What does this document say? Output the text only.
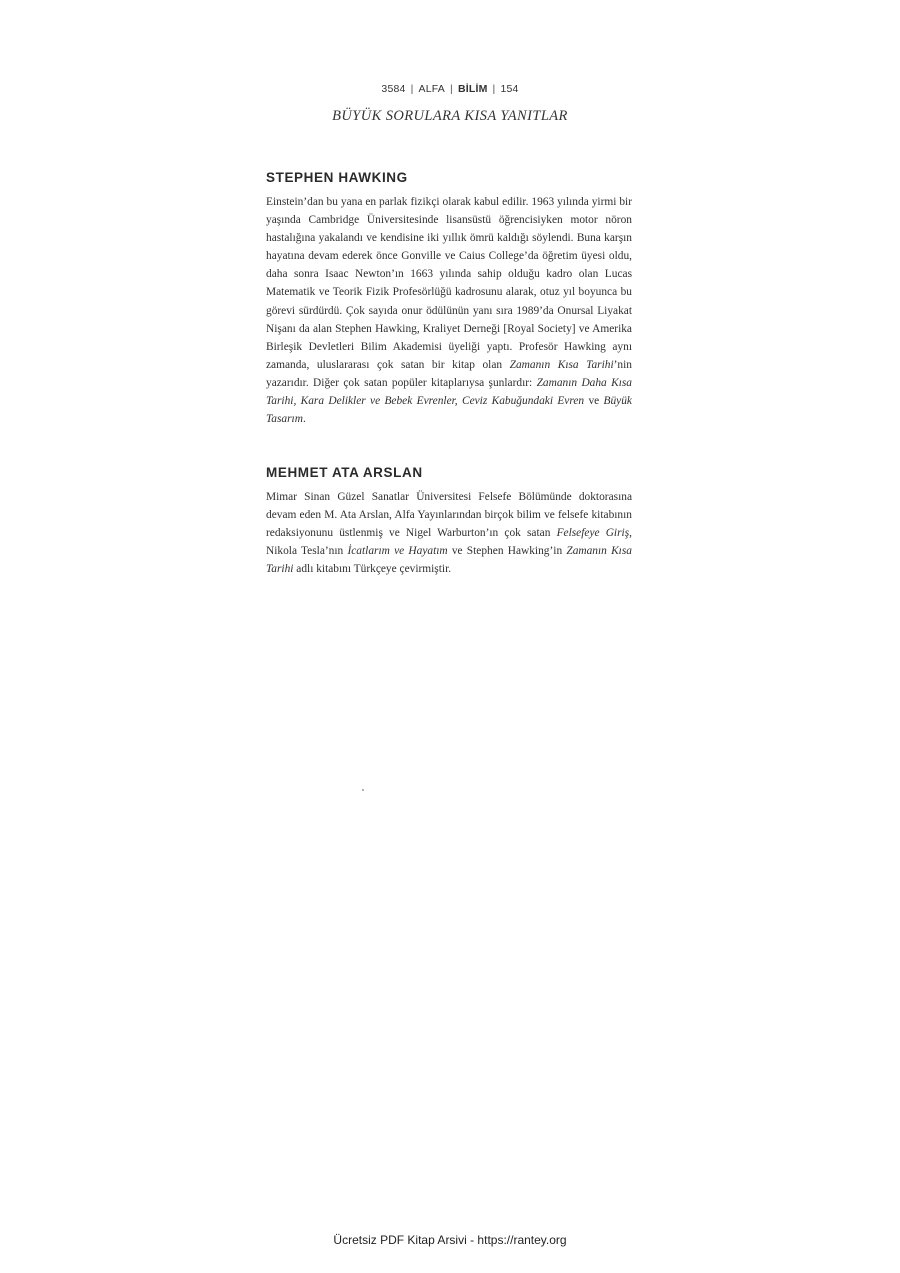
3584 | ALFA | BİLİM | 154
BÜYÜK SORULARA KISA YANITLAR
STEPHEN HAWKING

Einstein’dan bu yana en parlak fizikçi olarak kabul edilir. 1963 yılında yirmi bir yaşında Cambridge Üniversitesinde lisansüstü öğrencisiyken motor nöron hastalığına yakalandı ve kendisine iki yıllık ömrü kaldığı söylendi. Buna karşın hayatına devam ederek önce Gonville ve Caius College’da öğretim üyesi oldu, daha sonra Isaac Newton’ın 1663 yılında sahip olduğu kadro olan Lucas Matematik ve Teorik Fizik Profesörlüğü kadrosunu alarak, otuz yıl boyunca bu görevi sürdürdü. Çok sayıda onur ödülünün yanı sıra 1989’da Onursal Liyakat Nişanı da alan Stephen Hawking, Kraliyet Derneği [Royal Society] ve Amerika Birleşik Devletleri Bilim Akademisi üyeliği yaptı. Profesör Hawking aynı zamanda, uluslararası çok satan bir kitap olan Zamanın Kısa Tarihi’nin yazarıdır. Diğer çok satan popüler kitaplarıysa şunlardır: Zamanın Daha Kısa Tarihi, Kara Delikler ve Bebek Evrenler, Ceviz Kabuğundaki Evren ve Büyük Tasarım.

MEHMET ATA ARSLAN

Mimar Sinan Güzel Sanatlar Üniversitesi Felsefe Bölümünde doktorasına devam eden M. Ata Arslan, Alfa Yayınlarından birçok bilim ve felsefe kitabının redaksiyonunu üstlenmiş ve Nigel Warburton’ın çok satan Felsefeye Giriş, Nikola Tesla’nın İcatlarım ve Hayatım ve Stephen Hawking’in Zamanın Kısa Tarihi adlı kitabını Türkçeye çevirmiştir.

Ücretsiz PDF Kitap Arsivi - https://rantey.org
